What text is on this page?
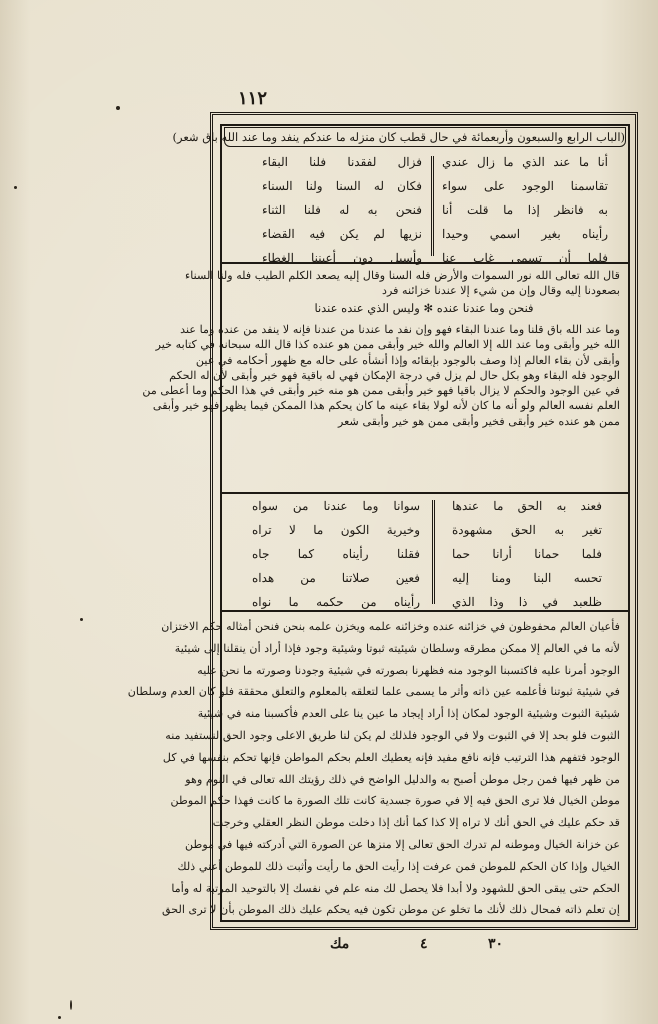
١١٢
(الباب الرابع والسبعون وأربعمائة في حال قطب كان منزله ما عندكم ينفد وما عند الله باق شعر)
أنا ما عند الذي ما زال عندي
تقاسمنا الوجود على سواء
به فانظر إذا ما قلت أنا
رأيناه بغير اسمي وحيدا
فلما أن تسمى غاب عنا
فزال لفقدنا فلنا البقاء
فكان له السنا ولنا السناء
فنحن به له فلنا الثناء
نزيها لم يكن فيه القضاء
وأسبل دون أعيننا الغطاء
قال الله تعالى الله نور السموات والأرض فله السنا وقال إليه يصعد الكلم الطيب فله ولنا السناء
بصعودنا إليه وقال وإن من شيء إلا عندنا خزائنه فرد
فنحن وما عندنا عنده ✻ وليس الذي عنده عندنا
وما عند الله باق قلنا وما عندنا البقاء فهو وإن نفد ما عندنا من عندنا فإنه لا ينفد من عنده وما عند
الله خير وأبقى وما عند الله إلا العالم والله خير وأبقى ممن هو عنده كذا قال الله سبحانه في كتابه خير
وأبقى لأن بقاء العالم إذا وصف بالوجود بإبقائه وإذا أنشأه على حاله مع ظهور أحكامه في عين
الوجود فله البقاء وهو بكل حال لم يزل في درجة الإمكان فهي له باقية فهو خير وأبقى لأن له الحكم
في عين الوجود والحكم لا يزال باقيا فهو خير وأبقى ممن هو منه خير وأبقى في هذا الحكم وما أعطى من
العلم نفسه العالم ولو أنه ما كان لأنه لولا بقاء عينه ما كان يحكم هذا الممكن فيما يظهر فهو خير وأبقى
ممن هو عنده خير وأبقى فخير وأبقى ممن هو خير وأبقى شعر
فعند به الحق ما عندها
تغير به الحق مشهودة
فلما حمانا أرانا حما
تحسه البنا ومنا إليه
ظلعبد في ذا وذا الذي
سوانا وما عندنا من سواه
وخيرية الكون ما لا تراه
فقلنا رأيناه كما جاه
فعين صلاتنا من هداه
رأيناه من حكمه ما نواه
فأعيان العالم محفوظون في خزائنه عنده وخزائنه علمه ويخزن علمه بنحن فنحن أمثاله حكم الاختزان
لأنه ما في العالم إلا ممكن مطرقه وسلطان شيئيته ثبوتا وشيئية وجود فإذا أراد أن ينقلنا إلى شيئية
الوجود أمرنا عليه فاكتسبنا الوجود منه فظهرنا بصورته في شيئية وجودنا وصورته ما نحن عليه
في شيئية ثبوتنا فأعلمه عين ذاته وأثر ما يسمى علما لتعلقه بالمعلوم والتعلق محققة فلو كان العدم وسلطان
شيئية الثبوت وشيئية الوجود لمكان إذا أراد إيجاد ما عين ينا على العدم فأكسبنا منه في شيئية
الثبوت فلو بحد إلا في الثبوت ولا في الوجود فلذلك لم يكن لنا طريق الاعلى وجود الحق لنستفيد منه
الوجود فتفهم هذا الترتيب فإنه نافع مفيد فإنه يعطيك العلم بحكم المواطن فإنها تحكم بنفسها في كل
من ظهر فيها فمن رجل موطن أصبح به والدليل الواضح في ذلك رؤيتك الله تعالى في النوم وهو
موطن الخيال فلا ترى الحق فيه إلا في صورة جسدية كانت تلك الصورة ما كانت فهذا حكم الموطن
قد حكم عليك في الحق أنك لا تراه إلا كذا كما أنك إذا دخلت موطن النظر العقلي وخرجت
عن خزانة الخيال وموطنه لم تدرك الحق تعالى إلا منزها عن الصورة التي أدركته فيها في موطن
الخيال وإذا كان الحكم للموطن فمن عرفت إذا رأيت الحق ما رأيت وأثبت ذلك للموطن أعني ذلك
الحكم حتى يبقى الحق للشهود ولا أبدا فلا يحصل لك منه علم في نفسك إلا بالتوحيد المرتبة له وأما
إن تعلم ذاته فمحال ذلك لأنك ما تخلو عن موطن تكون فيه يحكم عليك ذلك الموطن بأن لا ترى الحق
مك	٤	٣٠
